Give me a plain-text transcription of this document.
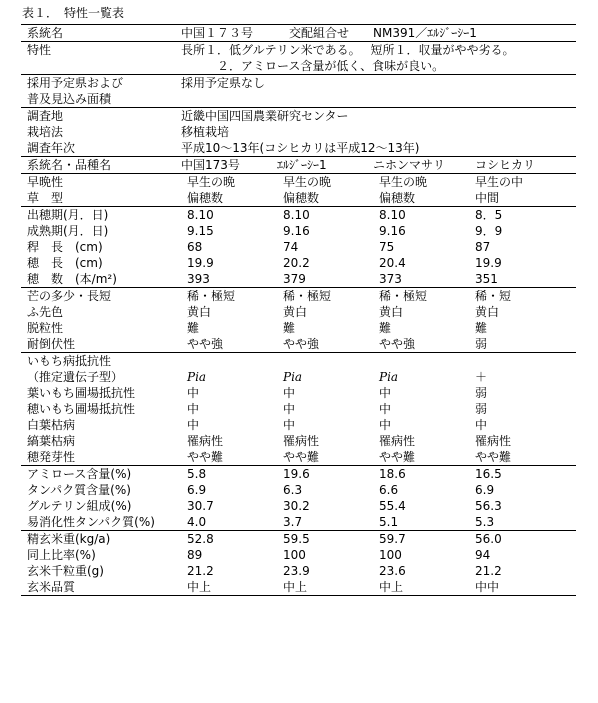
表１．　特性一覧表
系統名	中国１７３号　　　交配組合せ　　NM391／ｴﾙｼﾞｰｼｰ1
特性	長所１．低グルテリン米である。　 短所１．収量がやや劣る。
　　　２．アミロース含量が低く、食味が良い。
採用予定県および	採用予定県なし
普及見込み面積
調査地	近畿中国四国農業研究センター
栽培法	移植栽培
調査年次	平成10～13年(コシヒカリは平成12～13年)
系統名・品種名	中国173号	ｴﾙｼﾞｰｼｰ1	ニホンマサリ	コシヒカリ
早晩性	早生の晩	早生の晩	早生の晩	早生の中
草　型	偏穂数	偏穂数	偏穂数	中間
出穂期(月．日)	8.10	8.10	8.10	8．5
成熟期(月．日)	9.15	9.16	9.16	9．9
稈　長　(cm)	68	74	75	87
穂　長　(cm)	19.9	20.2	20.4	19.9
穂　数　(本/m²)	393	379	373	351
芒の多少・長短	稀・極短	稀・極短	稀・極短	稀・短
ふ先色	黄白	黄白	黄白	黄白
脱粒性	難	難	難	難
耐倒伏性	やや強	やや強	やや強	弱
いもち病抵抗性
（推定遺伝子型）	Pia	Pia	Pia	＋
葉いもち圃場抵抗性	中	中	中	弱
穂いもち圃場抵抗性	中	中	中	弱
白葉枯病	中	中	中	中
縞葉枯病	罹病性	罹病性	罹病性	罹病性
穂発芽性	やや難	やや難	やや難	やや難
アミロース含量(%)	5.8	19.6	18.6	16.5
タンパク質含量(%)	6.9	6.3	6.6	6.9
グルテリン組成(%)	30.7	30.2	55.4	56.3
易消化性タンパク質(%)	4.0	3.7	5.1	5.3
精玄米重(kg/a)	52.8	59.5	59.7	56.0
同上比率(%)	89	100	100	94
玄米千粒重(g)	21.2	23.9	23.6	21.2
玄米品質	中上	中上	中上	中中
